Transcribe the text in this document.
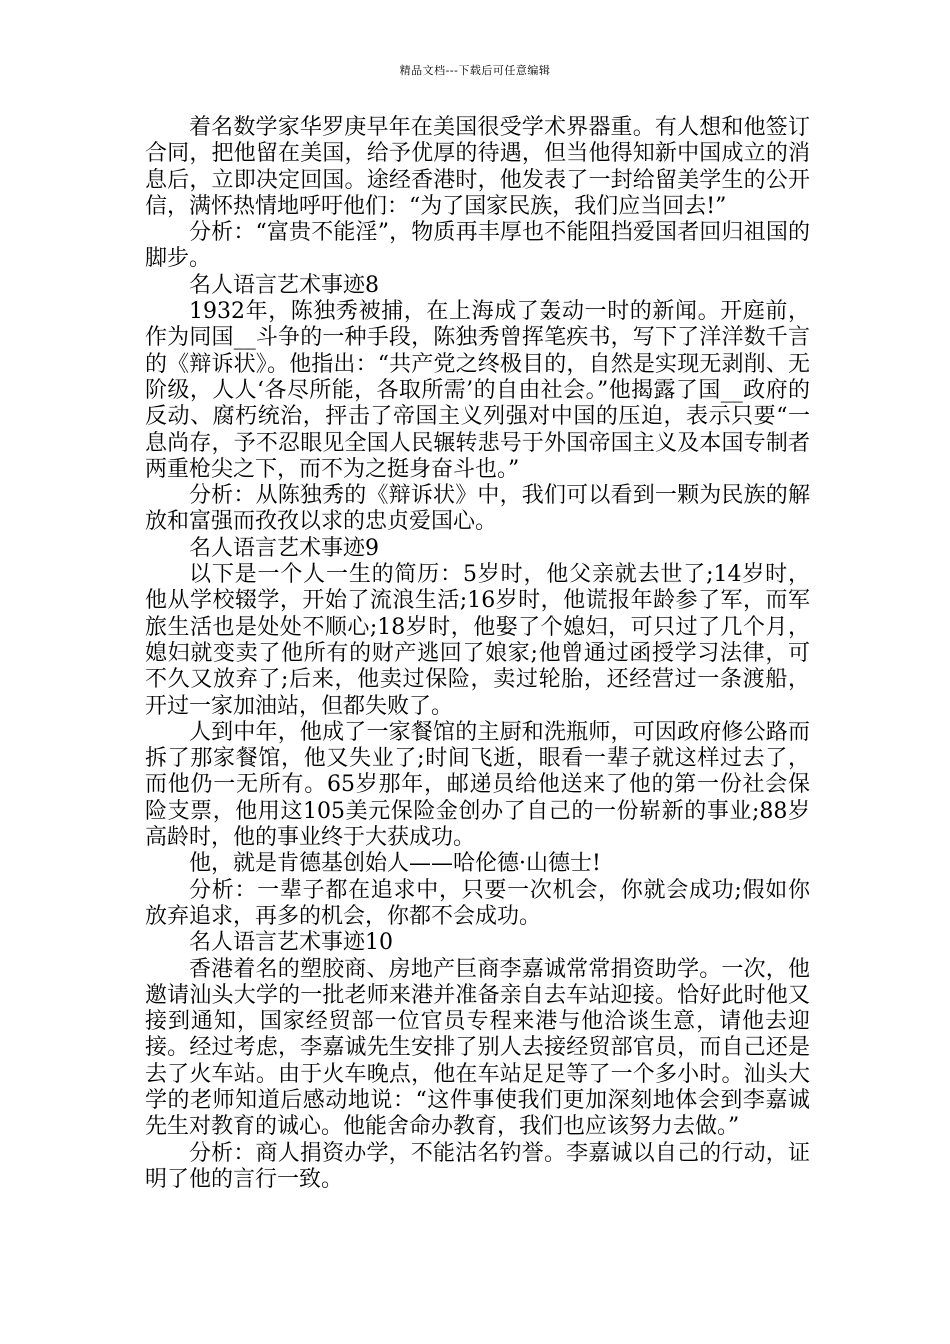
精品文档---下载后可任意编辑

着名数学家华罗庚早年在美国很受学术界器重。有人想和他签订合同，把他留在美国，给予优厚的待遇，但当他得知新中国成立的消息后，立即决定回国。途经香港时，他发表了一封给留美学生的公开信，满怀热情地呼吁他们：“为了国家民族，我们应当回去!”

分析：“富贵不能淫”，物质再丰厚也不能阻挡爱国者回归祖国的脚步。

名人语言艺术事迹8

1932年，陈独秀被捕，在上海成了轰动一时的新闻。开庭前，作为同国__斗争的一种手段，陈独秀曾挥笔疾书，写下了洋洋数千言的《辩诉状》。他指出：“共产党之终极目的，自然是实现无剥削、无阶级，人人‘各尽所能，各取所需’的自由社会。”他揭露了国__政府的反动、腐朽统治，抨击了帝国主义列强对中国的压迫，表示只要“一息尚存，予不忍眼见全国人民辗转悲号于外国帝国主义及本国专制者两重枪尖之下，而不为之挺身奋斗也。”

分析：从陈独秀的《辩诉状》中，我们可以看到一颗为民族的解放和富强而孜孜以求的忠贞爱国心。

名人语言艺术事迹9

以下是一个人一生的简历：5岁时，他父亲就去世了;14岁时，他从学校辍学，开始了流浪生活;16岁时，他谎报年龄参了军，而军旅生活也是处处不顺心;18岁时，他娶了个媳妇，可只过了几个月，媳妇就变卖了他所有的财产逃回了娘家;他曾通过函授学习法律，可不久又放弃了;后来，他卖过保险，卖过轮胎，还经营过一条渡船，开过一家加油站，但都失败了。

人到中年，他成了一家餐馆的主厨和洗瓶师，可因政府修公路而拆了那家餐馆，他又失业了;时间飞逝，眼看一辈子就这样过去了，而他仍一无所有。65岁那年，邮递员给他送来了他的第一份社会保险支票，他用这105美元保险金创办了自己的一份崭新的事业;88岁高龄时，他的事业终于大获成功。

他，就是肯德基创始人——哈伦德·山德士!

分析：一辈子都在追求中，只要一次机会，你就会成功;假如你放弃追求，再多的机会，你都不会成功。

名人语言艺术事迹10

香港着名的塑胶商、房地产巨商李嘉诚常常捐资助学。一次，他邀请汕头大学的一批老师来港并准备亲自去车站迎接。恰好此时他又接到通知，国家经贸部一位官员专程来港与他洽谈生意，请他去迎接。经过考虑，李嘉诚先生安排了别人去接经贸部官员，而自己还是去了火车站。由于火车晚点，他在车站足足等了一个多小时。汕头大学的老师知道后感动地说：“这件事使我们更加深刻地体会到李嘉诚先生对教育的诚心。他能舍命办教育，我们也应该努力去做。”

分析：商人捐资办学，不能沽名钓誉。李嘉诚以自己的行动，证明了他的言行一致。
